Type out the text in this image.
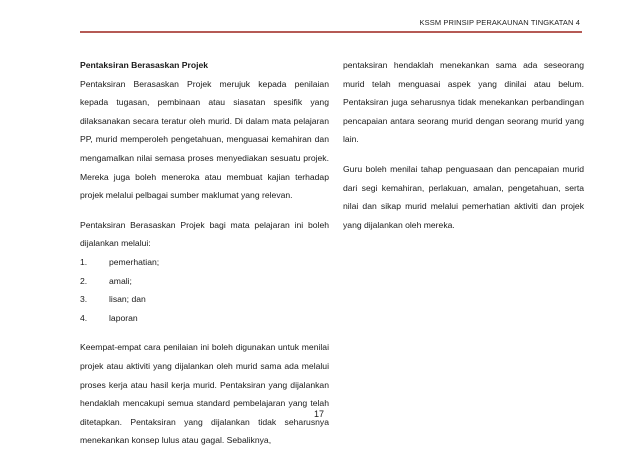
KSSM PRINSIP PERAKAUNAN TINGKATAN 4

Pentaksiran Berasaskan Projek

Pentaksiran Berasaskan Projek merujuk kepada penilaian kepada tugasan, pembinaan atau siasatan spesifik yang dilaksanakan secara teratur oleh murid. Di dalam mata pelajaran PP, murid memperoleh pengetahuan, menguasai kemahiran dan mengamalkan nilai semasa proses menyediakan sesuatu projek. Mereka juga boleh meneroka atau membuat kajian terhadap projek melalui pelbagai sumber maklumat yang relevan.

Pentaksiran Berasaskan Projek bagi mata pelajaran ini boleh dijalankan melalui:

1.	pemerhatian;
2.	amali;
3.	lisan; dan
4.	laporan

Keempat-empat cara penilaian ini boleh digunakan untuk menilai projek atau aktiviti yang dijalankan oleh murid sama ada melalui proses kerja atau hasil kerja murid. Pentaksiran yang dijalankan hendaklah mencakupi semua standard pembelajaran yang telah ditetapkan. Pentaksiran yang dijalankan tidak seharusnya menekankan konsep lulus atau gagal. Sebaliknya,

pentaksiran hendaklah menekankan sama ada seseorang murid telah menguasai aspek yang dinilai atau belum. Pentaksiran juga seharusnya tidak menekankan perbandingan pencapaian antara seorang murid dengan seorang murid yang lain.

Guru boleh menilai tahap penguasaan dan pencapaian murid dari segi kemahiran, perlakuan, amalan, pengetahuan, serta nilai dan sikap murid melalui pemerhatian aktiviti dan projek yang dijalankan oleh mereka.

17
